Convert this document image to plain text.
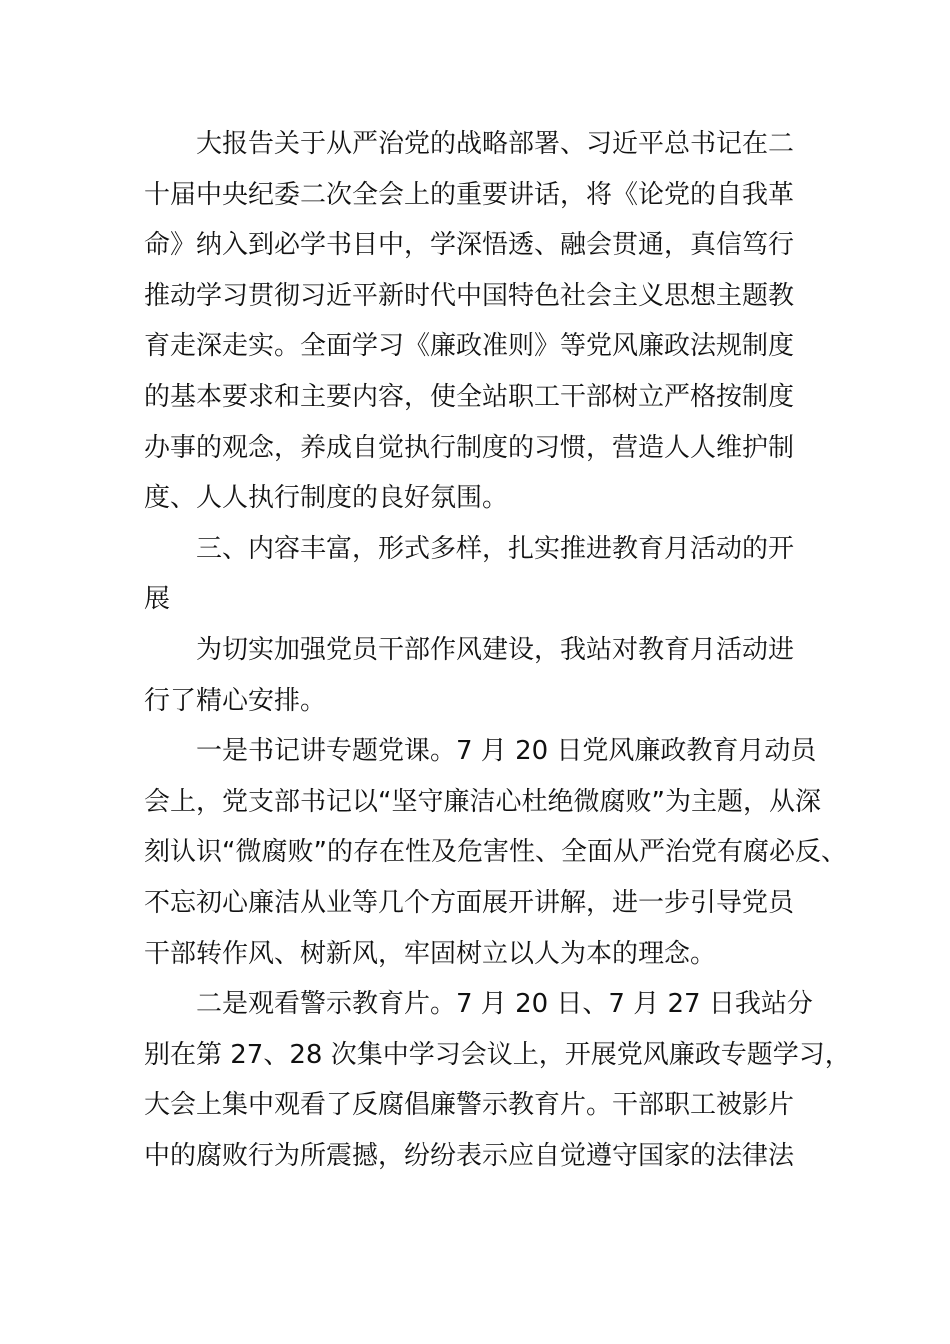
大报告关于从严治党的战略部署、习近平总书记在二
十届中央纪委二次全会上的重要讲话，将《论党的自我革
命》纳入到必学书目中，学深悟透、融会贯通，真信笃行
推动学习贯彻习近平新时代中国特色社会主义思想主题教
育走深走实。全面学习《廉政准则》等党风廉政法规制度
的基本要求和主要内容，使全站职工干部树立严格按制度
办事的观念，养成自觉执行制度的习惯，营造人人维护制
度、人人执行制度的良好氛围。
三、内容丰富，形式多样，扎实推进教育月活动的开
展
为切实加强党员干部作风建设，我站对教育月活动进
行了精心安排。
一是书记讲专题党课。7 月 20 日党风廉政教育月动员
会上，党支部书记以“坚守廉洁心杜绝微腐败”为主题，从深
刻认识“微腐败”的存在性及危害性、全面从严治党有腐必反、
不忘初心廉洁从业等几个方面展开讲解，进一步引导党员
干部转作风、树新风，牢固树立以人为本的理念。
二是观看警示教育片。7 月 20 日、7 月 27 日我站分
别在第 27、28 次集中学习会议上，开展党风廉政专题学习，
大会上集中观看了反腐倡廉警示教育片。干部职工被影片
中的腐败行为所震撼，纷纷表示应自觉遵守国家的法律法
